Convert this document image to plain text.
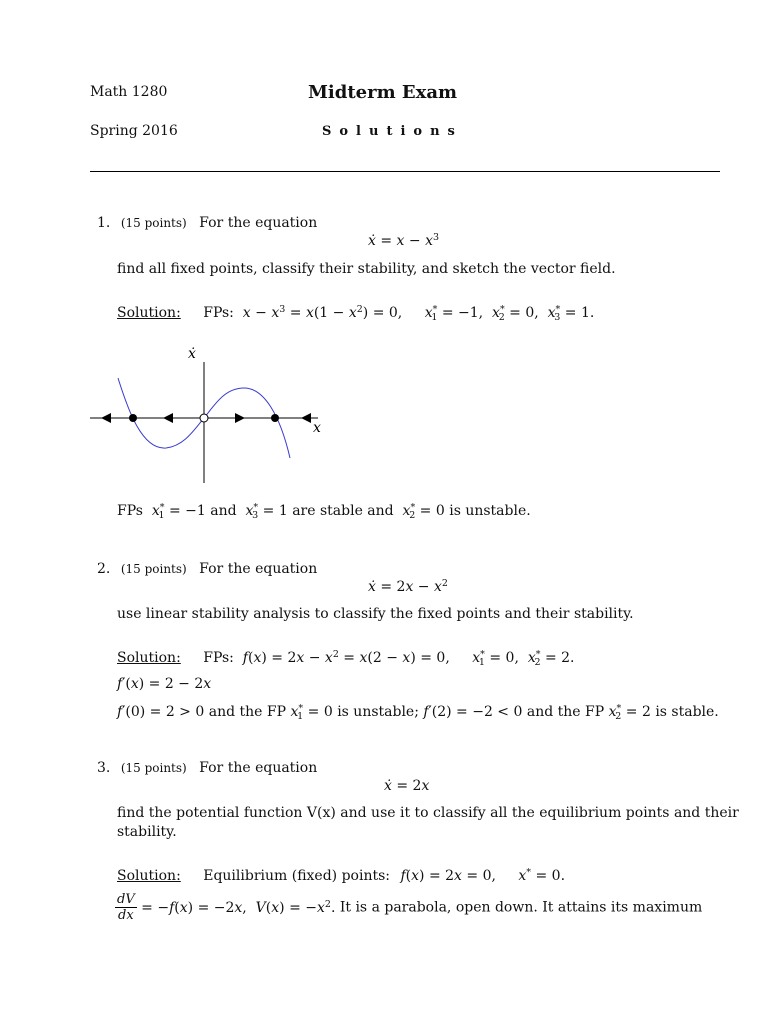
Math 1280
Spring 2016
Midterm Exam
Solutions
1. (15 points) For the equation
ẋ = $x - x^3$
find all fixed points, classify their stability, and sketch the vector field.
Solution: FPs:  $x - x^3 = x(1 - x^2) = 0$, $x^*_1 = -1$,  $x^*_2 = 0$,  $x^*_3 = 1$.
ẋ
x
FPs  $x^*_1 = -1$ and  $x^*_3 = 1$ are stable and  $x^*_2 = 0$ is unstable.
2. (15 points) For the equation
ẋ = $2x - x^2$
use linear stability analysis to classify the fixed points and their stability.
Solution: FPs:  $f(x) = 2x - x^2 = x(2 - x) = 0$, $x^*_1 = 0$,  $x^*_2 = 2$.
f′(x) = 2 − 2x
f′(0) = 2 > 0 and the FP $x^*_1 = 0$ is unstable; f′(2) = −2 < 0 and the FP $x^*_2 = 2$ is stable.
3. (15 points) For the equation
ẋ = 2x
find the potential function V(x) and use it to classify all the equilibrium points and their
stability.
Solution: Equilibrium (fixed) points: f(x) = 2x = 0, x* = 0.
$\frac{dV}{dx} = -f(x) = -2x$,  $V(x) = -x^2$. It is a parabola, open down. It attains its maximum
